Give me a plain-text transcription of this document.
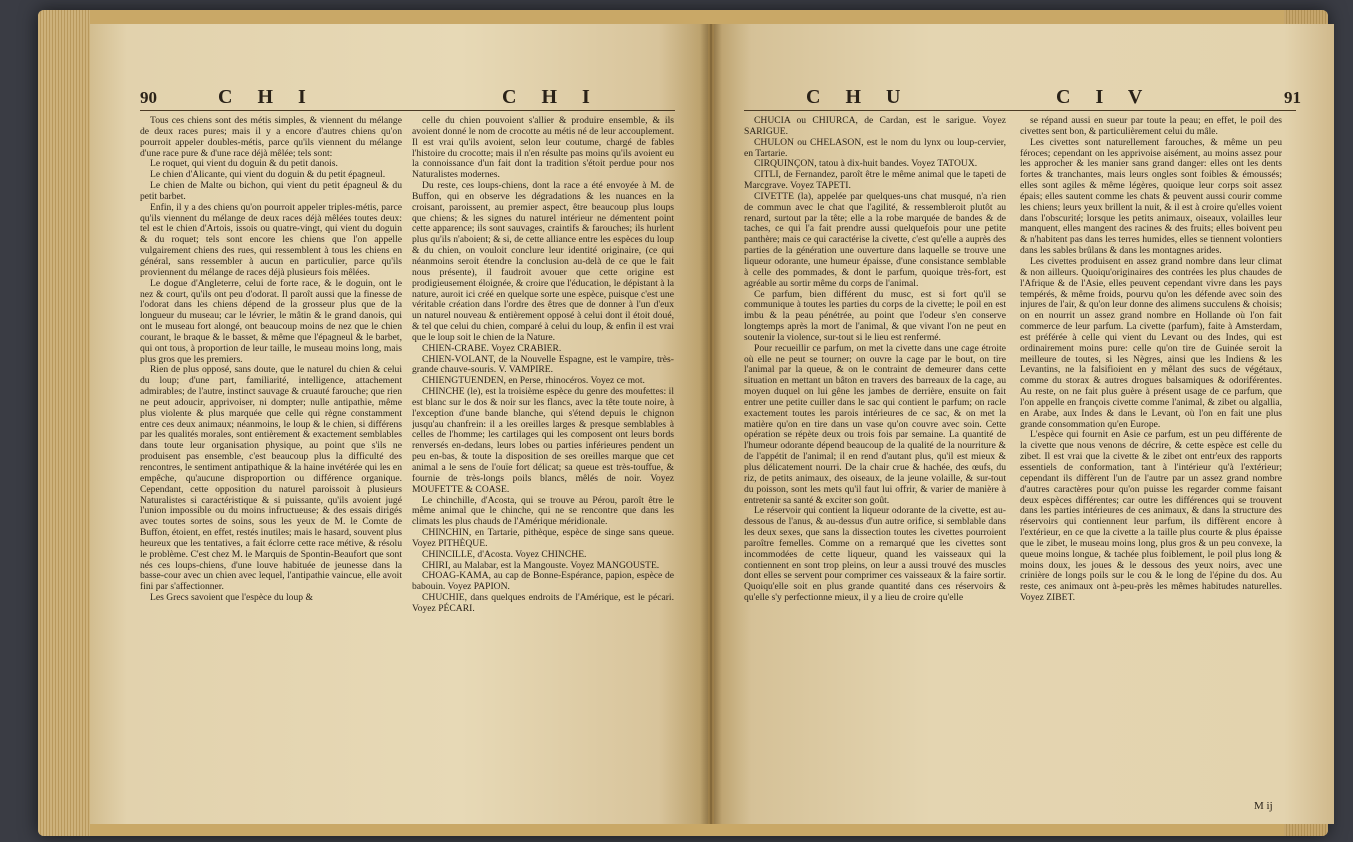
90	C H I	C H I

Tous ces chiens sont des métis simples, & viennent du mélange de deux races pures; mais il y a encore d'autres chiens qu'on pourroit appeler doubles-métis, parce qu'ils viennent du mélange d'une race pure & d'une race déjà mêlée; tels sont:

Le roquet, qui vient du doguin & du petit danois.

Le chien d'Alicante, qui vient du doguin & du petit épagneul.

Le chien de Malte ou bichon, qui vient du petit épagneul & du petit barbet.

Enfin, il y a des chiens qu'on pourroit appeler triples-métis, parce qu'ils viennent du mélange de deux races déjà mêlées toutes deux: tel est le chien d'Artois, issois ou quatre-vingt, qui vient du doguin & du roquet; tels sont encore les chiens que l'on appelle vulgairement chiens des rues, qui ressemblent à tous les chiens en général, sans ressembler à aucun en particulier, parce qu'ils proviennent du mélange de races déjà plusieurs fois mêlées.

Le dogue d'Angleterre, celui de forte race, & le doguin, ont le nez & court, qu'ils ont peu d'odorat. Il paroît aussi que la finesse de l'odorat dans les chiens dépend de la grosseur plus que de la longueur du museau; car le lévrier, le mâtin & le grand danois, qui ont le museau fort alongé, ont beaucoup moins de nez que le chien courant, le braque & le basset, & même que l'épagneul & le barbet, qui ont tous, à proportion de leur taille, le museau moins long, mais plus gros que les premiers.

Rien de plus opposé, sans doute, que le naturel du chien & celui du loup; d'une part, familiarité, intelligence, attachement admirables; de l'autre, instinct sauvage & cruauté farouche; que rien ne peut adoucir, apprivoiser, ni dompter; nulle antipathie, même plus violente & plus marquée que celle qui règne constamment entre ces deux animaux; néanmoins, le loup & le chien, si différens par les qualités morales, sont entièrement & exactement semblables dans toute leur organisation physique, au point que s'ils ne produisent pas ensemble, c'est beaucoup plus la difficulté des rencontres, le sentiment antipathique & la haine invétérée qui les en empêche, qu'aucune disproportion ou différence organique. Cependant, cette opposition du naturel paroissoit à plusieurs Naturalistes si caractéristique & si puissante, qu'ils avoient jugé l'union impossible ou du moins infructueuse; & des essais dirigés avec toutes sortes de soins, sous les yeux de M. le Comte de Buffon, étoient, en effet, restés inutiles; mais le hasard, souvent plus heureux que les tentatives, a fait éclorre cette race métive, & résolu le problème. C'est chez M. le Marquis de Spontin-Beaufort que sont nés ces loups-chiens, d'une louve habituée de jeunesse dans la basse-cour avec un chien avec lequel, l'antipathie vaincue, elle avoit fini par s'affectionner.

Les Grecs savoient que l'espèce du loup &

celle du chien pouvoient s'allier & produire ensemble, & ils avoient donné le nom de crocotte au métis né de leur accouplement. Il est vrai qu'ils avoient, selon leur coutume, chargé de fables l'histoire du crocotte; mais il n'en résulte pas moins qu'ils avoient eu la connoissance d'un fait dont la tradition s'étoit perdue pour nos Naturalistes modernes.

Du reste, ces loups-chiens, dont la race a été envoyée à M. de Buffon, qui en observe les dégradations & les nuances en la croisant, paroissent, au premier aspect, être beaucoup plus loups que chiens; & les signes du naturel intérieur ne démentent point cette apparence; ils sont sauvages, craintifs & farouches; ils hurlent plus qu'ils n'aboient; & si, de cette alliance entre les espèces du loup & du chien, on vouloit conclure leur identité originaire, (ce qui néanmoins seroit étendre la conclusion au-delà de ce que le fait nous présente), il faudroit avouer que cette origine est prodigieusement éloignée, & croire que l'éducation, le dépistant à la nature, auroit ici créé en quelque sorte une espèce, puisque c'est une véritable création dans l'ordre des êtres que de donner à l'un d'eux un naturel nouveau & entièrement opposé à celui dont il étoit doué, & tel que celui du chien, comparé à celui du loup, & enfin il est vrai que le loup soit le chien de la Nature.

CHIEN-CRABE. Voyez CRABIER.

CHIEN-VOLANT, de la Nouvelle Espagne, est le vampire, très-grande chauve-souris. V. VAMPIRE.

CHIENGTUENDEN, en Perse, rhinocéros. Voyez ce mot.

CHINCHE (le), est la troisième espèce du genre des moufettes: il est blanc sur le dos & noir sur les flancs, avec la tête toute noire, à l'exception d'une bande blanche, qui s'étend depuis le chignon jusqu'au chanfrein: il a les oreilles larges & presque semblables à celles de l'homme; les cartilages qui les composent ont leurs bords renversés en-dedans, leurs lobes ou parties inférieures pendent un peu en-bas, & toute la disposition de ses oreilles marque que cet animal a le sens de l'ouïe fort délicat; sa queue est très-touffue, & fournie de très-longs poils blancs, mêlés de noir. Voyez MOUFETTE & COASE.

Le chinchille, d'Acosta, qui se trouve au Pérou, paroît être le même animal que le chinche, qui ne se rencontre que dans les climats les plus chauds de l'Amérique méridionale.

CHINCHIN, en Tartarie, pithèque, espèce de singe sans queue. Voyez PITHÈQUE.

CHINCILLE, d'Acosta. Voyez CHINCHE.

CHIRI, au Malabar, est la Mangouste. Voyez MANGOUSTE.

CHOAG-KAMA, au cap de Bonne-Espérance, papion, espèce de babouin. Voyez PAPION.

CHUCHIE, dans quelques endroits de l'Amérique, est le pécari. Voyez PÉCARI.

C H U	C I V	91

CHUCIA ou CHIURCA, de Cardan, est le sarigue. Voyez SARIGUE.

CHULON ou CHELASON, est le nom du lynx ou loup-cervier, en Tartarie.

CIRQUINÇON, tatou à dix-huit bandes. Voyez TATOUX.

CITLI, de Fernandez, paroît être le même animal que le tapeti de Marcgrave. Voyez TAPETI.

CIVETTE (la), appelée par quelques-uns chat musqué, n'a rien de commun avec le chat que l'agilité, & ressembleroit plutôt au renard, surtout par la tête; elle a la robe marquée de bandes & de taches, ce qui l'a fait prendre aussi quelquefois pour une petite panthère; mais ce qui caractérise la civette, c'est qu'elle a auprès des parties de la génération une ouverture dans laquelle se trouve une liqueur odorante, une humeur épaisse, d'une consistance semblable à celle des pommades, & dont le parfum, quoique très-fort, est agréable au sortir même du corps de l'animal.

Ce parfum, bien différent du musc, est si fort qu'il se communique à toutes les parties du corps de la civette; le poil en est imbu & la peau pénétrée, au point que l'odeur s'en conserve longtemps après la mort de l'animal, & que vivant l'on ne peut en soutenir la violence, sur-tout si le lieu est renfermé.

Pour recueillir ce parfum, on met la civette dans une cage étroite où elle ne peut se tourner; on ouvre la cage par le bout, on tire l'animal par la queue, & on le contraint de demeurer dans cette situation en mettant un bâton en travers des barreaux de la cage, au moyen duquel on lui gêne les jambes de derrière, ensuite on fait entrer une petite cuiller dans le sac qui contient le parfum; on racle exactement toutes les parois intérieures de ce sac, & on met la matière qu'on en tire dans un vase qu'on couvre avec soin. Cette opération se répète deux ou trois fois par semaine. La quantité de l'humeur odorante dépend beaucoup de la qualité de la nourriture & de l'appétit de l'animal; il en rend d'autant plus, qu'il est mieux & plus délicatement nourri. De la chair crue & hachée, des œufs, du riz, de petits animaux, des oiseaux, de la jeune volaille, & sur-tout du poisson, sont les mets qu'il faut lui offrir, & varier de manière à entretenir sa santé & exciter son goût.

Le réservoir qui contient la liqueur odorante de la civette, est au-dessous de l'anus, & au-dessus d'un autre orifice, si semblable dans les deux sexes, que sans la dissection toutes les civettes pourroient paroître femelles. Comme on a remarqué que les civettes sont incommodées de cette liqueur, quand les vaisseaux qui la contiennent en sont trop pleins, on leur a aussi trouvé des muscles dont elles se servent pour comprimer ces vaisseaux & la faire sortir. Quoiqu'elle soit en plus grande quantité dans ces réservoirs & qu'elle s'y perfectionne mieux, il y a lieu de croire qu'elle

se répand aussi en sueur par toute la peau; en effet, le poil des civettes sent bon, & particulièrement celui du mâle.

Les civettes sont naturellement farouches, & même un peu féroces; cependant on les apprivoise aisément, au moins assez pour les approcher & les manier sans grand danger: elles ont les dents fortes & tranchantes, mais leurs ongles sont foibles & émoussés; elles sont agiles & même légères, quoique leur corps soit assez épais; elles sautent comme les chats & peuvent aussi courir comme les chiens; leurs yeux brillent la nuit, & il est à croire qu'elles voient dans l'obscurité; lorsque les petits animaux, oiseaux, volailles leur manquent, elles mangent des racines & des fruits; elles boivent peu & n'habitent pas dans les terres humides, elles se tiennent volontiers dans les sables brûlans & dans les montagnes arides.

Les civettes produisent en assez grand nombre dans leur climat & non ailleurs. Quoiqu'originaires des contrées les plus chaudes de l'Afrique & de l'Asie, elles peuvent cependant vivre dans les pays tempérés, & même froids, pourvu qu'on les défende avec soin des injures de l'air, & qu'on leur donne des alimens succulens & choisis; on en nourrit un assez grand nombre en Hollande où l'on fait commerce de leur parfum. La civette (parfum), faite à Amsterdam, est préférée à celle qui vient du Levant ou des Indes, qui est ordinairement moins pure: celle qu'on tire de Guinée seroit la meilleure de toutes, si les Nègres, ainsi que les Indiens & les Levantins, ne la falsifioient en y mêlant des sucs de végétaux, comme du storax & autres drogues balsamiques & odoriférentes. Au reste, on ne fait plus guère à présent usage de ce parfum, que l'on appelle en françois civette comme l'animal, & zibet ou algallia, en Arabe, aux Indes & dans le Levant, où l'on en fait une plus grande consommation qu'en Europe.

L'espèce qui fournit en Asie ce parfum, est un peu différente de la civette que nous venons de décrire, & cette espèce est celle du zibet. Il est vrai que la civette & le zibet ont entr'eux des rapports essentiels de conformation, tant à l'intérieur qu'à l'extérieur; cependant ils diffèrent l'un de l'autre par un assez grand nombre d'autres caractères pour qu'on puisse les regarder comme faisant deux espèces différentes; car outre les différences qui se trouvent dans les parties intérieures de ces animaux, & dans la structure des réservoirs qui contiennent leur parfum, ils diffèrent encore à l'extérieur, en ce que la civette a la taille plus courte & plus épaisse que le zibet, le museau moins long, plus gros & un peu convexe, la queue moins longue, & tachée plus foiblement, le poil plus long & moins doux, les joues & le dessous des yeux noirs, avec une crinière de longs poils sur le cou & le long de l'épine du dos. Au reste, ces animaux ont à-peu-près les mêmes habitudes naturelles. Voyez ZIBET.

M ij
